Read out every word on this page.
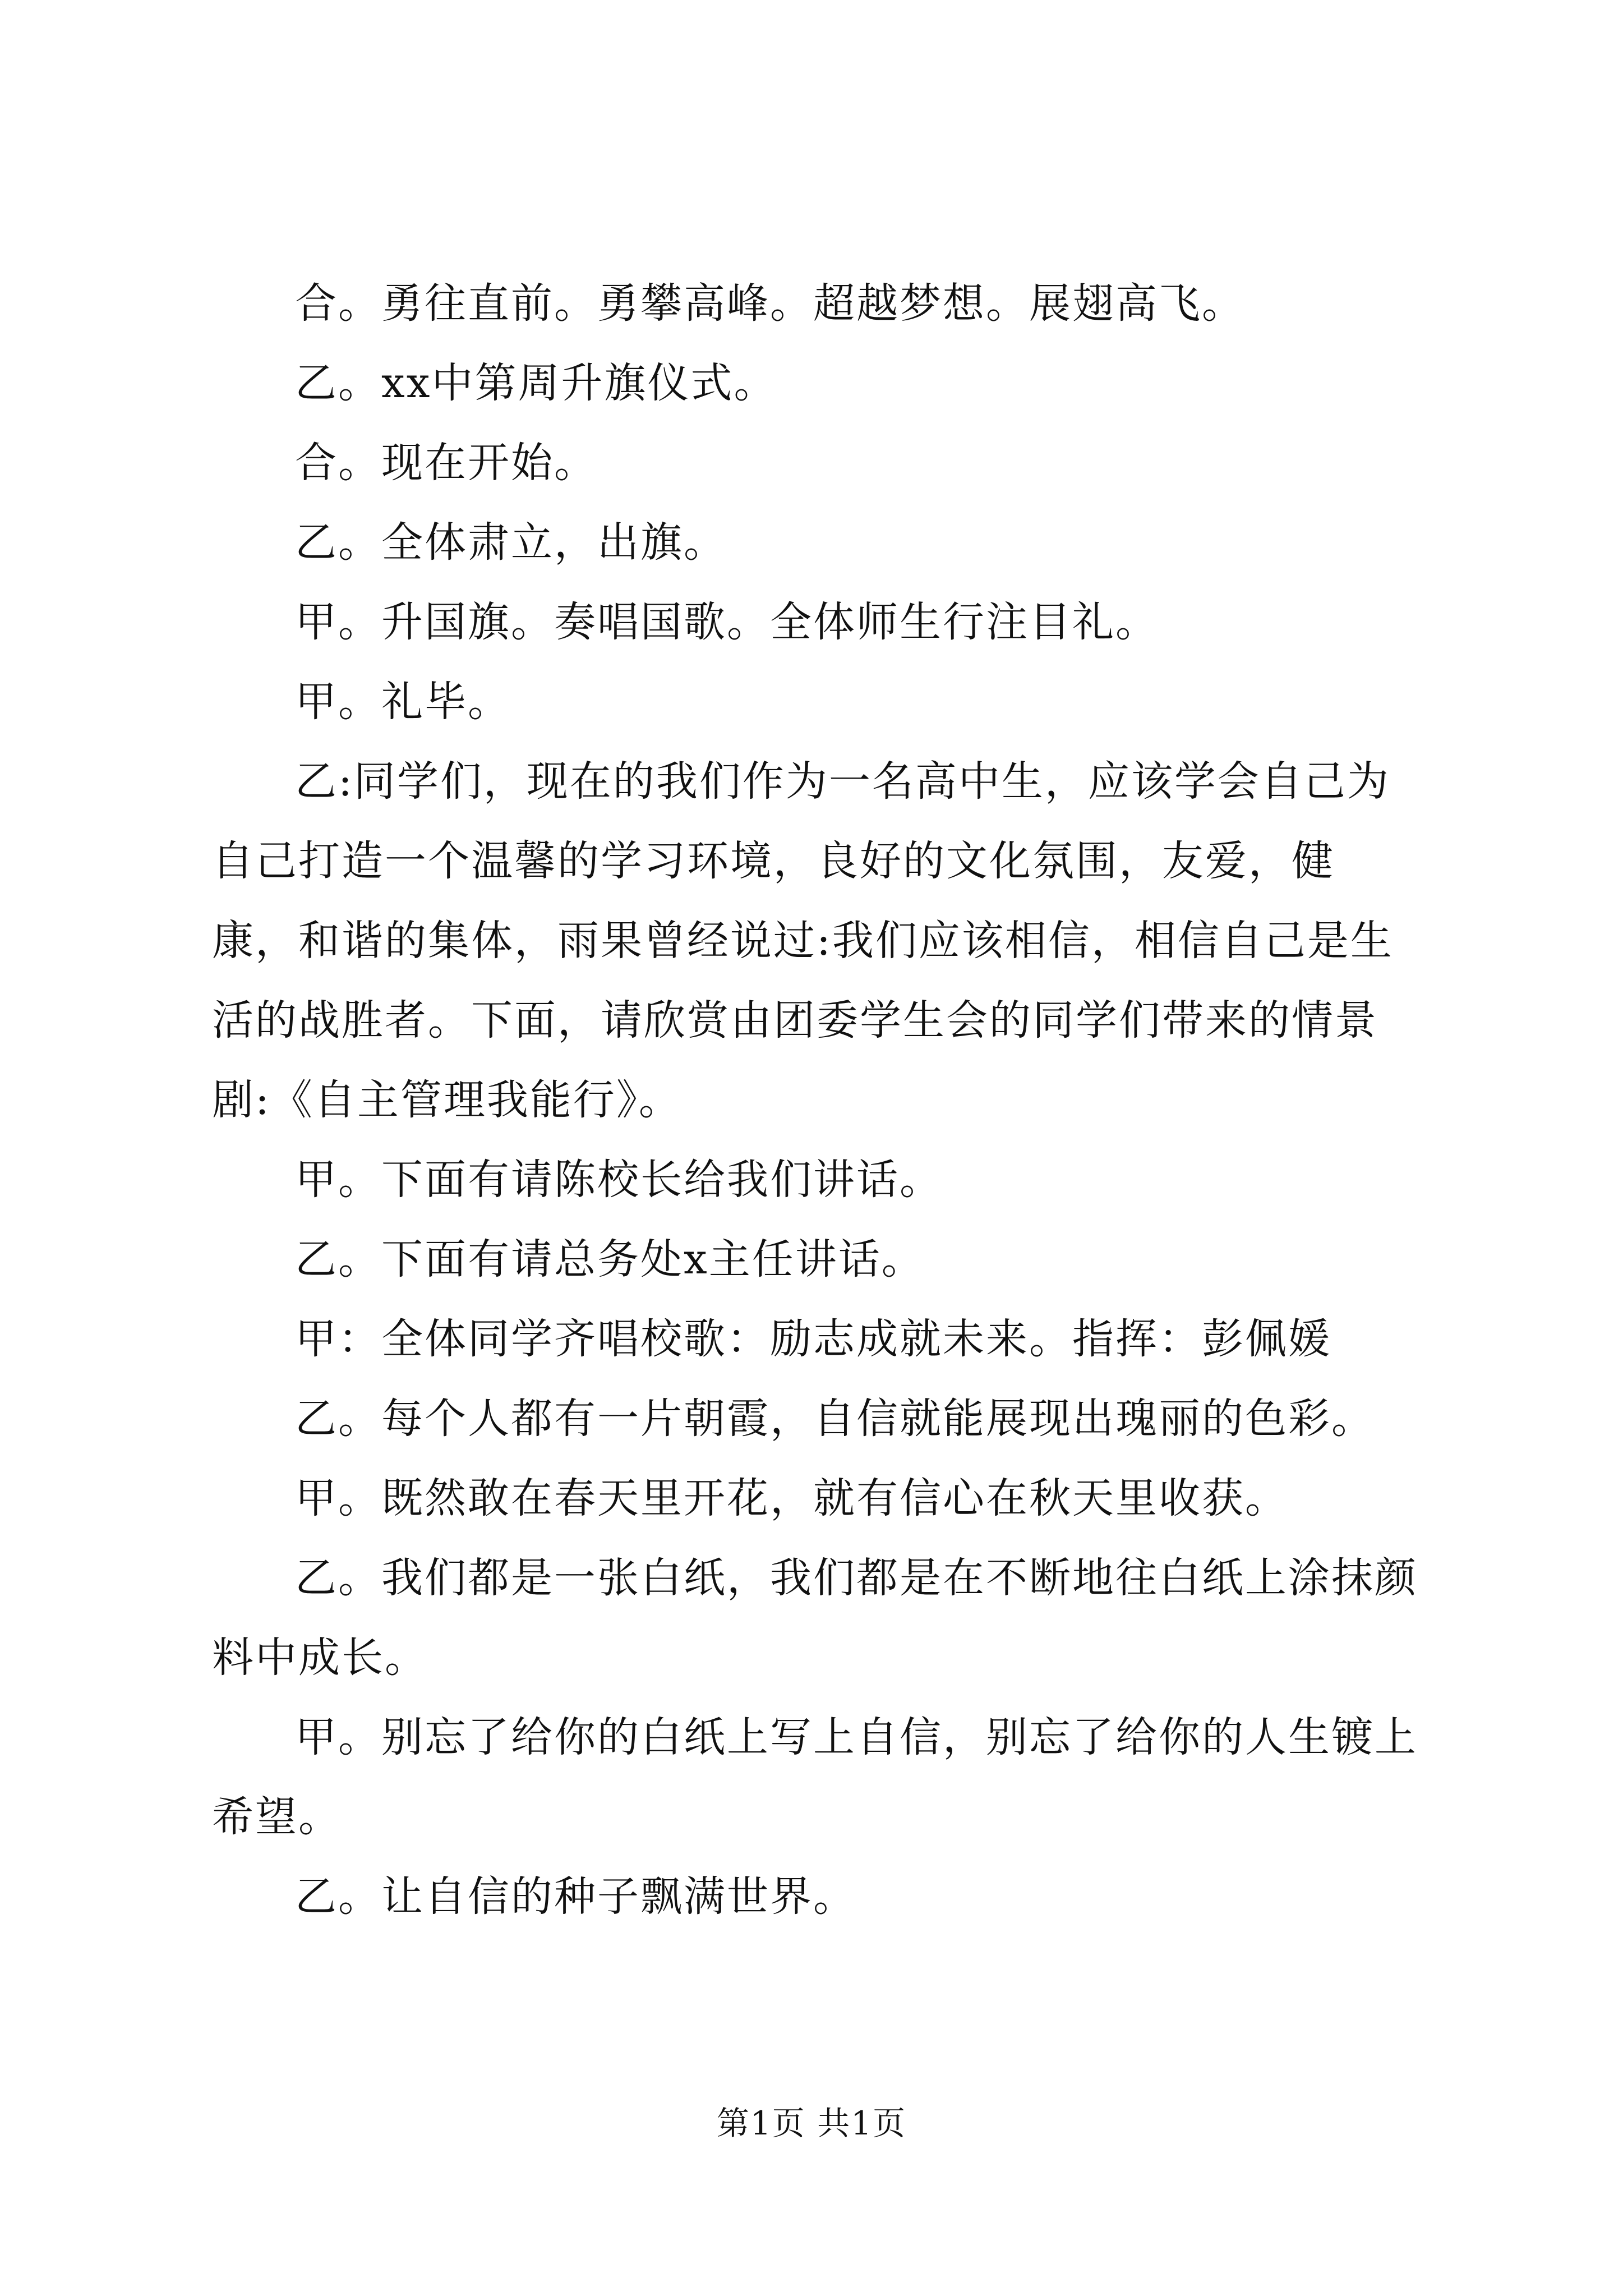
合。勇往直前。勇攀高峰。超越梦想。展翅高飞。

乙。xx中第周升旗仪式。

合。现在开始。

乙。全体肃立，出旗。

甲。升国旗。奏唱国歌。全体师生行注目礼。

甲。礼毕。

乙:同学们，现在的我们作为一名高中生，应该学会自己为自己打造一个温馨的学习环境，良好的文化氛围，友爱，健康，和谐的集体，雨果曾经说过:我们应该相信，相信自己是生活的战胜者。下面，请欣赏由团委学生会的同学们带来的情景剧:《自主管理我能行》。

甲。下面有请陈校长给我们讲话。

乙。下面有请总务处x主任讲话。

甲：全体同学齐唱校歌：励志成就未来。指挥：彭佩媛

乙。每个人都有一片朝霞，自信就能展现出瑰丽的色彩。

甲。既然敢在春天里开花，就有信心在秋天里收获。

乙。我们都是一张白纸，我们都是在不断地往白纸上涂抹颜料中成长。

甲。别忘了给你的白纸上写上自信，别忘了给你的人生镀上希望。

乙。让自信的种子飘满世界。

第1页 共1页
